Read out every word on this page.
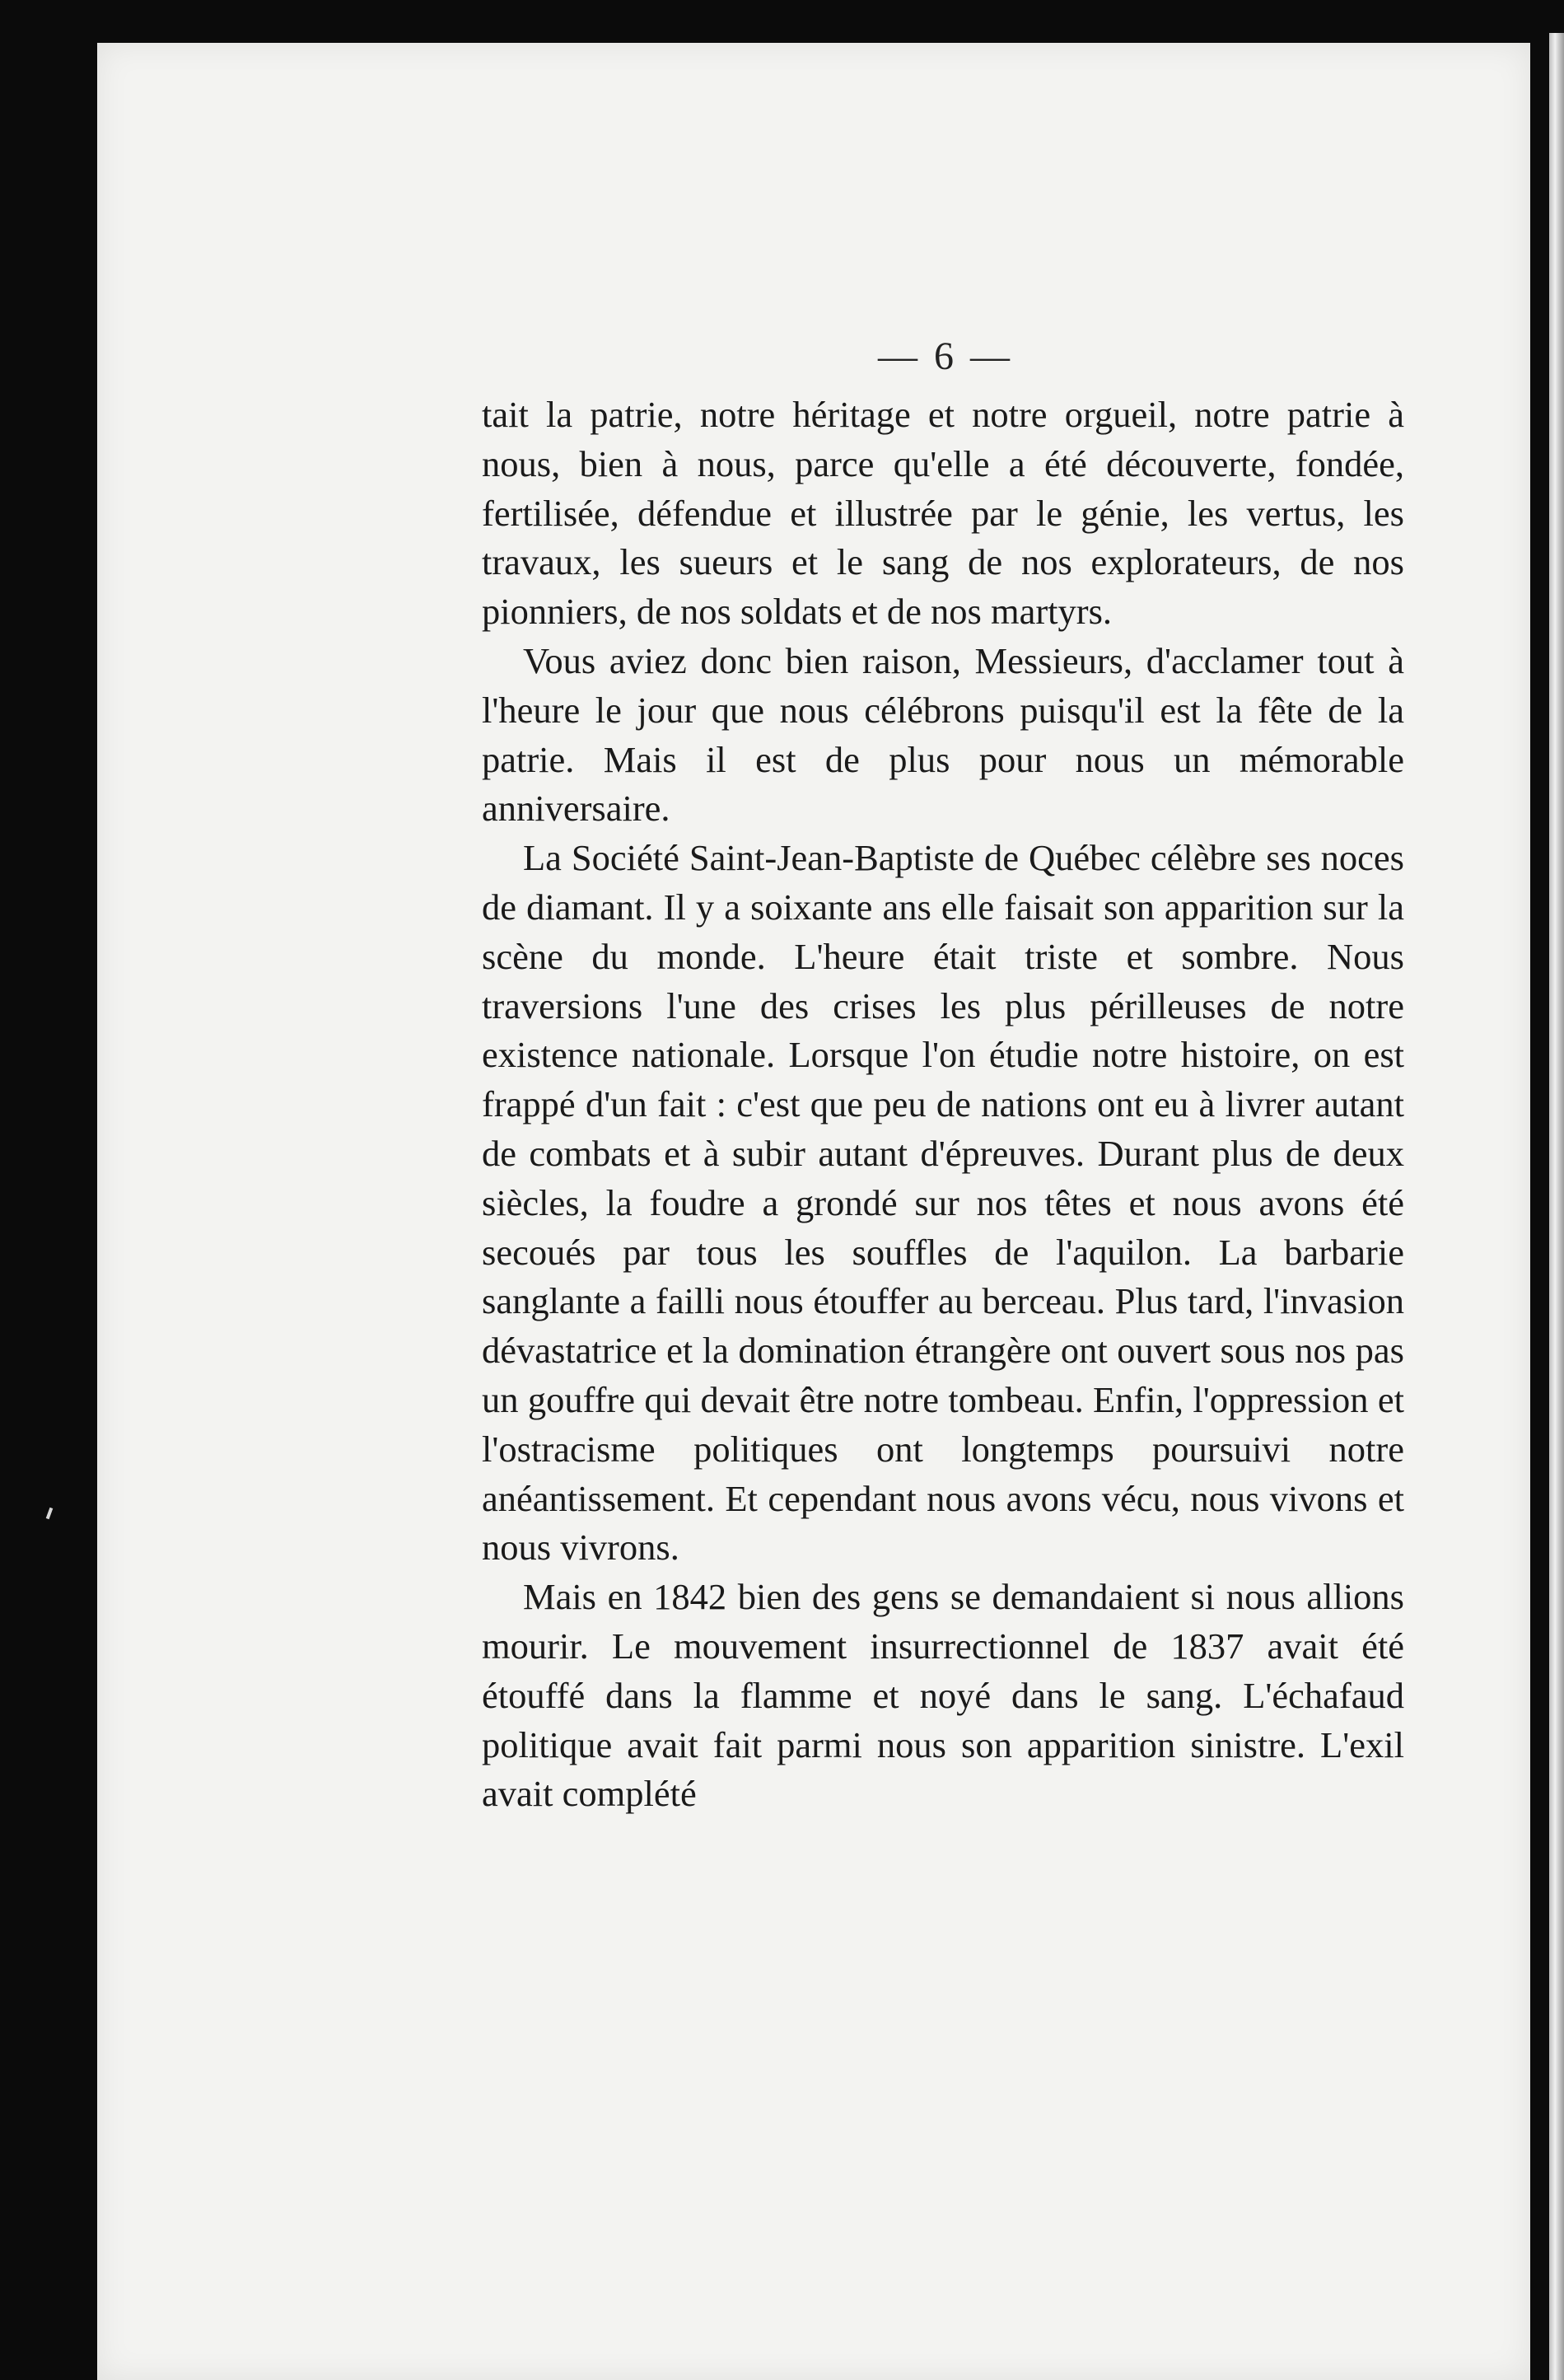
— 6 —

tait la patrie, notre héritage et notre orgueil, notre patrie à nous, bien à nous, parce qu'elle a été découverte, fondée, fertilisée, défendue et illustrée par le génie, les vertus, les travaux, les sueurs et le sang de nos explorateurs, de nos pionniers, de nos soldats et de nos martyrs.

Vous aviez donc bien raison, Messieurs, d'acclamer tout à l'heure le jour que nous célébrons puisqu'il est la fête de la patrie. Mais il est de plus pour nous un mémorable anniversaire.

La Société Saint-Jean-Baptiste de Québec célèbre ses noces de diamant. Il y a soixante ans elle faisait son apparition sur la scène du monde. L'heure était triste et sombre. Nous traversions l'une des crises les plus périlleuses de notre existence nationale. Lorsque l'on étudie notre histoire, on est frappé d'un fait : c'est que peu de nations ont eu à livrer autant de combats et à subir autant d'épreuves. Durant plus de deux siècles, la foudre a grondé sur nos têtes et nous avons été secoués par tous les souffles de l'aquilon. La barbarie sanglante a failli nous étouffer au berceau. Plus tard, l'invasion dévastatrice et la domination étrangère ont ouvert sous nos pas un gouffre qui devait être notre tombeau. Enfin, l'oppression et l'ostracisme politiques ont longtemps poursuivi notre anéantissement. Et cependant nous avons vécu, nous vivons et nous vivrons.

Mais en 1842 bien des gens se demandaient si nous allions mourir. Le mouvement insurrectionnel de 1837 avait été étouffé dans la flamme et noyé dans le sang. L'échafaud politique avait fait parmi nous son apparition sinistre. L'exil avait complété
